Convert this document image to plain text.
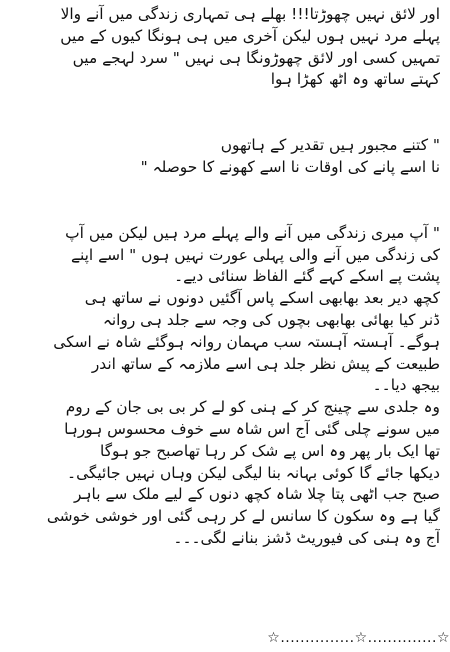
اور لائق نہیں چھوڑتا!!! بھلے ہی تمہاری زندگی میں آنے والا
پہلے مرد نہیں ہوں لیکن آخری میں ہی ہونگا کیوں کے میں
تمہیں کسی اور لائق چھوڑونگا ہی نہیں " سرد لہجے میں
کہتے ساتھ وہ اٹھ کھڑا ہوا

" کتنے مجبور ہیں تقدیر کے ہاتھوں
نا اسے پانے کی اوقات نا اسے کھونے کا حوصلہ "

" آپ میری زندگی میں آنے والے پہلے مرد ہیں لیکن میں آپ
کی زندگی میں آنے والی پہلی عورت نہیں ہوں " اسے اپنے
پشت پے اسکے کہے گئے الفاظ سنائی دیے۔
کچھ دیر بعد بھابھی اسکے پاس آگئیں دونوں نے ساتھ ہی
ڈنر کیا بھائی بھابھی بچوں کی وجہ سے جلد ہی روانہ
ہوگے۔ آہستہ آہستہ سب مہمان روانہ ہوگئے شاہ نے اسکی
طبیعت کے پیش نظر جلد ہی اسے ملازمہ کے ساتھ اندر
بیجھ دیا۔۔
وہ جلدی سے چینج کر کے ہنی کو لے کر بی بی جان کے روم
میں سونے چلی گئی آج اس شاہ سے خوف محسوس ہورہا
تھا ایک بار پھر وہ اس پے شک کر رہا تھاصبح جو ہوگا
دیکھا جائے گا کوئی بہانہ بنا لیگی لیکن وہاں نہیں جائیگی۔
صبح جب اٹھی پتا چلا شاہ کچھ دنوں کے لیے ملک سے باہر
گیا ہے وہ سکون کا سانس لے کر رہی گئی اور خوشی خوشی
آج وہ ہنی کی فیوریٹ ڈشز بنانے لگی۔۔۔

☆...............☆..............☆
